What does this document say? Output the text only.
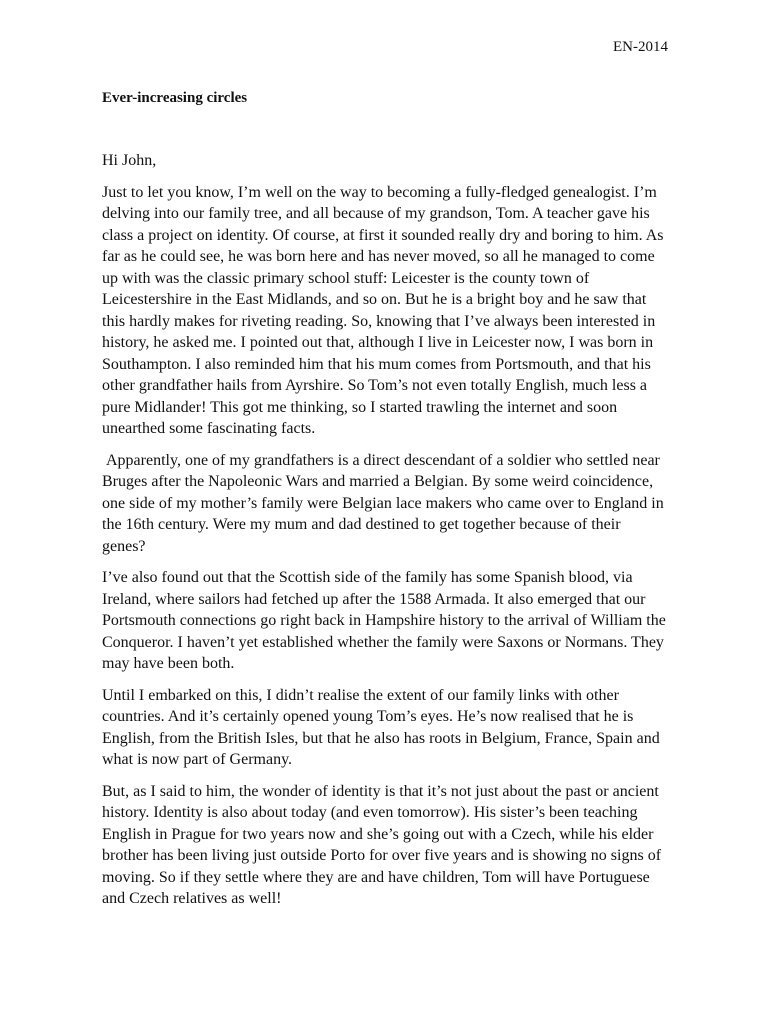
EN-2014
Ever-increasing circles

Hi John,

Just to let you know, I’m well on the way to becoming a fully-fledged genealogist. I’m delving into our family tree, and all because of my grandson, Tom. A teacher gave his class a project on identity. Of course, at first it sounded really dry and boring to him. As far as he could see, he was born here and has never moved, so all he managed to come up with was the classic primary school stuff: Leicester is the county town of Leicestershire in the East Midlands, and so on. But he is a bright boy and he saw that this hardly makes for riveting reading. So, knowing that I’ve always been interested in history, he asked me. I pointed out that, although I live in Leicester now, I was born in Southampton. I also reminded him that his mum comes from Portsmouth, and that his other grandfather hails from Ayrshire. So Tom’s not even totally English, much less a pure Midlander! This got me thinking, so I started trawling the internet and soon unearthed some fascinating facts.

Apparently, one of my grandfathers is a direct descendant of a soldier who settled near Bruges after the Napoleonic Wars and married a Belgian. By some weird coincidence, one side of my mother’s family were Belgian lace makers who came over to England in the 16th century. Were my mum and dad destined to get together because of their genes?

I’ve also found out that the Scottish side of the family has some Spanish blood, via Ireland, where sailors had fetched up after the 1588 Armada. It also emerged that our Portsmouth connections go right back in Hampshire history to the arrival of William the Conqueror. I haven’t yet established whether the family were Saxons or Normans. They may have been both.

Until I embarked on this, I didn’t realise the extent of our family links with other countries. And it’s certainly opened young Tom’s eyes. He’s now realised that he is English, from the British Isles, but that he also has roots in Belgium, France, Spain and what is now part of Germany.

But, as I said to him, the wonder of identity is that it’s not just about the past or ancient history. Identity is also about today (and even tomorrow). His sister’s been teaching English in Prague for two years now and she’s going out with a Czech, while his elder brother has been living just outside Porto for over five years and is showing no signs of moving. So if they settle where they are and have children, Tom will have Portuguese and Czech relatives as well!
